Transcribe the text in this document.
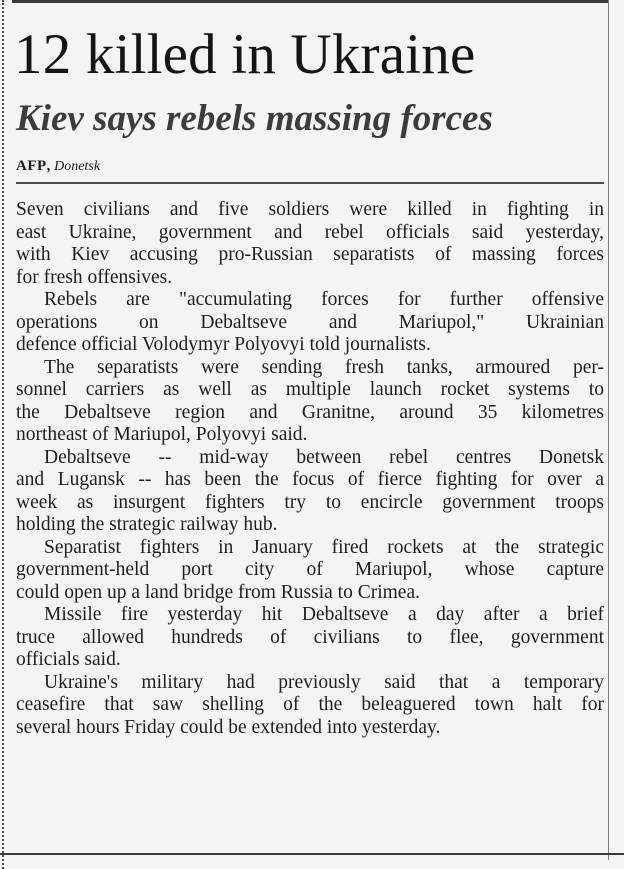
12 killed in Ukraine
Kiev says rebels massing forces
AFP, Donetsk

Seven civilians and five soldiers were killed in fighting in
east Ukraine, government and rebel officials said yesterday,
with Kiev accusing pro-Russian separatists of massing forces
for fresh offensives.

Rebels are "accumulating forces for further offensive
operations on Debaltseve and Mariupol," Ukrainian
defence official Volodymyr Polyovyi told journalists.

The separatists were sending fresh tanks, armoured per-
sonnel carriers as well as multiple launch rocket systems to
the Debaltseve region and Granitne, around 35 kilometres
northeast of Mariupol, Polyovyi said.

Debaltseve -- mid-way between rebel centres Donetsk
and Lugansk -- has been the focus of fierce fighting for over a
week as insurgent fighters try to encircle government troops
holding the strategic railway hub.

Separatist fighters in January fired rockets at the strategic
government-held port city of Mariupol, whose capture
could open up a land bridge from Russia to Crimea.

Missile fire yesterday hit Debaltseve a day after a brief
truce allowed hundreds of civilians to flee, government
officials said.

Ukraine's military had previously said that a temporary
ceasefire that saw shelling of the beleaguered town halt for
several hours Friday could be extended into yesterday.
